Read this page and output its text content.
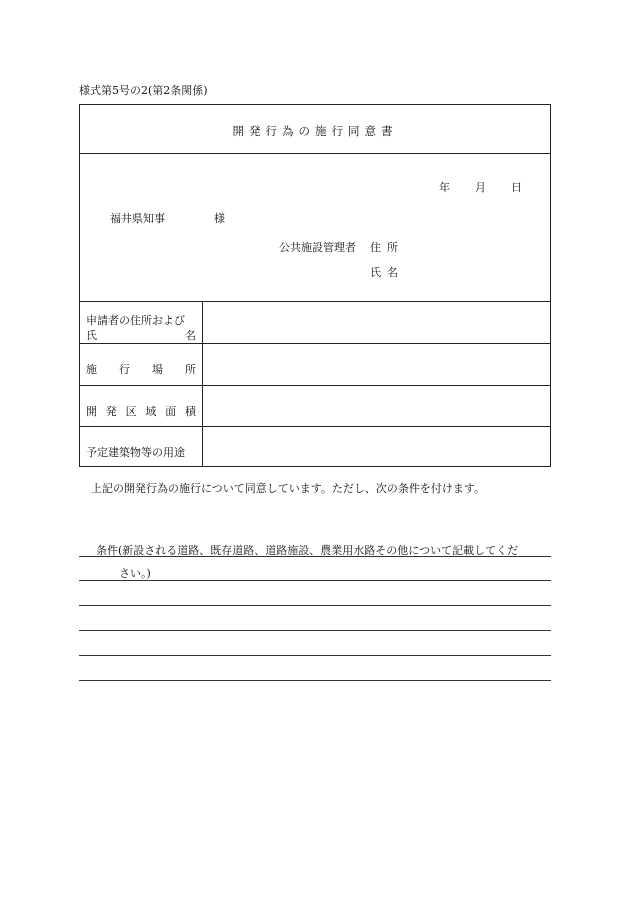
様式第5号の2(第2条関係)
開発行為の施行同意書
年 月 日
福井県知事	様
公共施設管理者 住所
氏名
申請者の住所および
氏	名
施 行 場 所
開 発 区 域 面 積
予定建築物等の用途
上記の開発行為の施行について同意しています。ただし、次の条件を付けます。
条件(新設される道路、既存道路、道路施設、農業用水路その他について記載してくだ
さい。)
